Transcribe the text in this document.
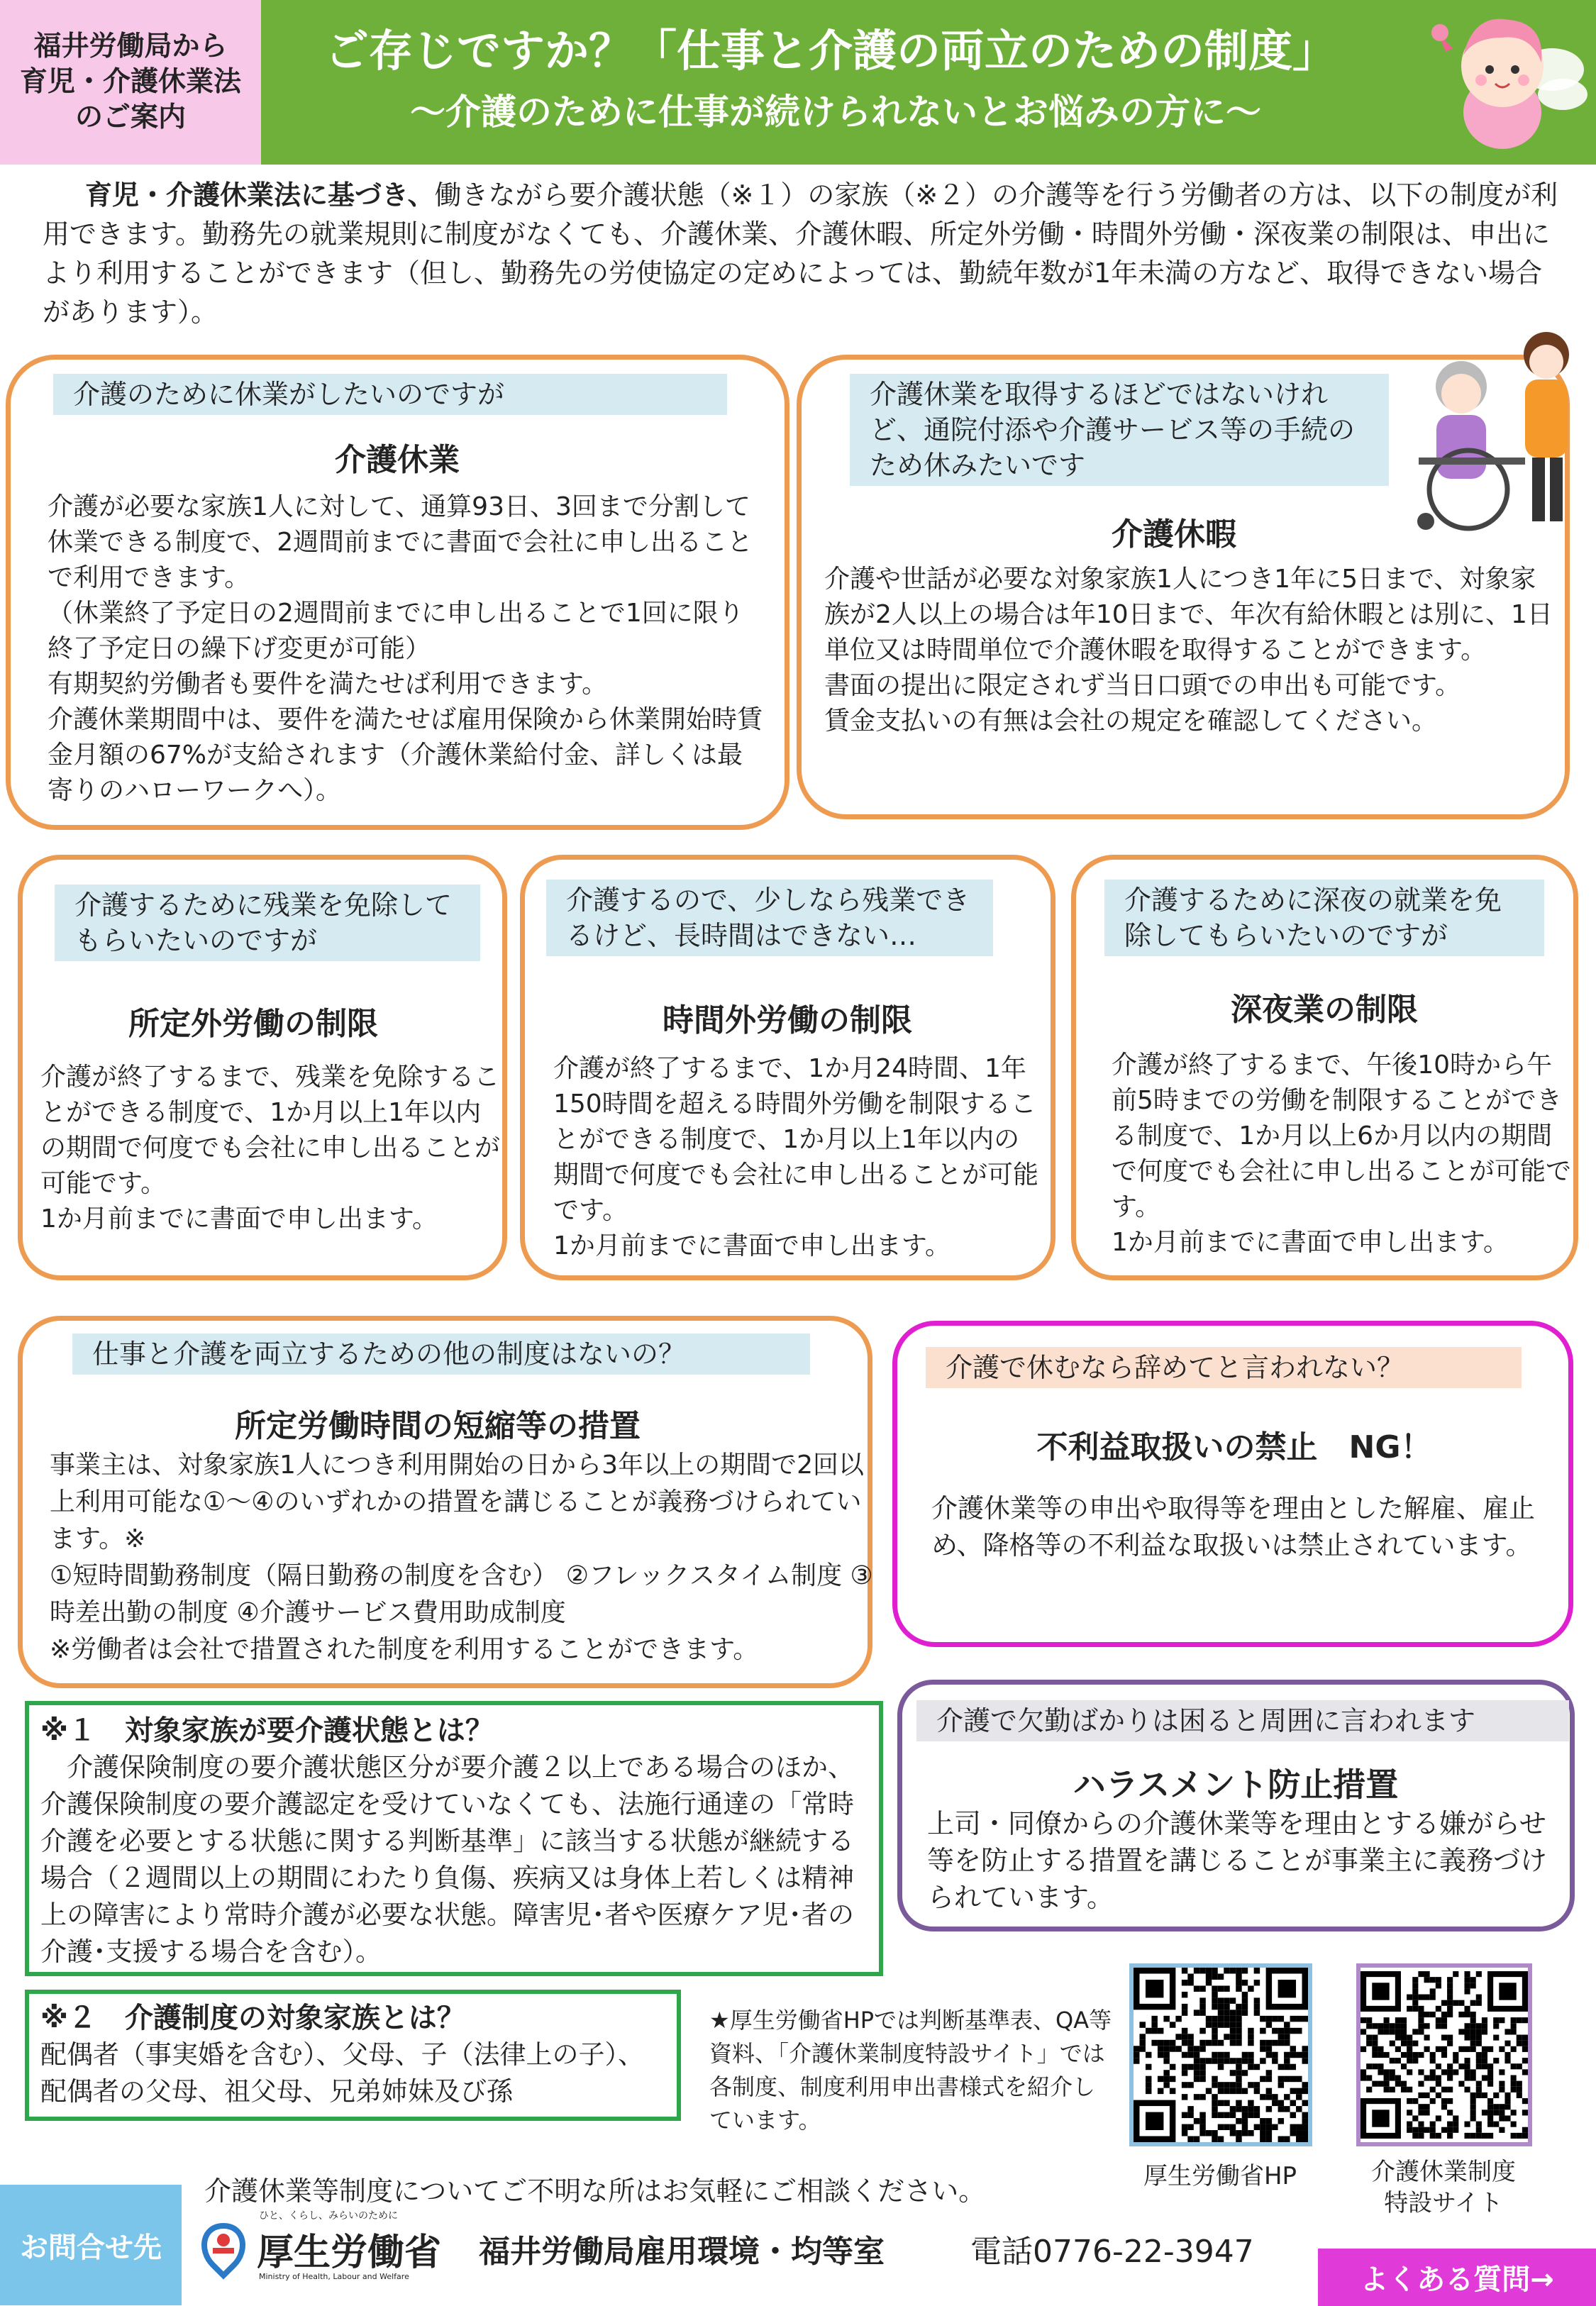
福井労働局から
育児・介護休業法
のご案内
ご存じですか？「仕事と介護の両立のための制度」
～介護のために仕事が続けられないとお悩みの方に～
育児・介護休業法に基づき、働きながら要介護状態（※１）の家族（※２）の介護等を行う労働者の方は、以下の制度が利用できます。勤務先の就業規則に制度がなくても、介護休業、介護休暇、所定外労働・時間外労働・深夜業の制限は、申出により利用することができます（但し、勤務先の労使協定の定めによっては、勤続年数が1年未満の方など、取得できない場合があります）。
介護のために休業がしたいのですが
介護休業
介護が必要な家族1人に対して、通算93日、3回まで分割して休業できる制度で、2週間前までに書面で会社に申し出ることで利用できます。
（休業終了予定日の2週間前までに申し出ることで1回に限り終了予定日の繰下げ変更が可能）
有期契約労働者も要件を満たせば利用できます。
介護休業期間中は、要件を満たせば雇用保険から休業開始時賃金月額の67%が支給されます（介護休業給付金、詳しくは最寄りのハローワークへ）。
介護休業を取得するほどではないけれど、通院付添や介護サービス等の手続のため休みたいです
介護休暇
介護や世話が必要な対象家族1人につき1年に5日まで、対象家族が2人以上の場合は年10日まで、年次有給休暇とは別に、1日単位又は時間単位で介護休暇を取得することができます。
書面の提出に限定されず当日口頭での申出も可能です。
賃金支払いの有無は会社の規定を確認してください。
介護するために残業を免除してもらいたいのですが
所定外労働の制限
介護が終了するまで、残業を免除することができる制度で、1か月以上1年以内の期間で何度でも会社に申し出ることが可能です。
1か月前までに書面で申し出ます。
介護するので、少しなら残業できるけど、長時間はできない…
時間外労働の制限
介護が終了するまで、1か月24時間、1年150時間を超える時間外労働を制限することができる制度で、1か月以上1年以内の期間で何度でも会社に申し出ることが可能です。
1か月前までに書面で申し出ます。
介護するために深夜の就業を免除してもらいたいのですが
深夜業の制限
介護が終了するまで、午後10時から午前5時までの労働を制限することができる制度で、1か月以上6か月以内の期間で何度でも会社に申し出ることが可能です。
1か月前までに書面で申し出ます。
仕事と介護を両立するための他の制度はないの？
所定労働時間の短縮等の措置
事業主は、対象家族1人につき利用開始の日から3年以上の期間で2回以上利用可能な①～④のいずれかの措置を講じることが義務づけられています。※
①短時間勤務制度（隔日勤務の制度を含む） ②フレックスタイム制度 ③時差出勤の制度 ④介護サービス費用助成制度
※労働者は会社で措置された制度を利用することができます。
介護で休むなら辞めてと言われない？
不利益取扱いの禁止　NG！
介護休業等の申出や取得等を理由とした解雇、雇止め、降格等の不利益な取扱いは禁止されています。
介護で欠勤ばかりは困ると周囲に言われます
ハラスメント防止措置
上司・同僚からの介護休業等を理由とする嫌がらせ等を防止する措置を講じることが事業主に義務づけられています。
※１　対象家族が要介護状態とは？
　介護保険制度の要介護状態区分が要介護２以上である場合のほか、介護保険制度の要介護認定を受けていなくても、法施行通達の「常時介護を必要とする状態に関する判断基準」に該当する状態が継続する場合（２週間以上の期間にわたり負傷、疾病又は身体上若しくは精神上の障害により常時介護が必要な状態。障害児･者や医療ケア児･者の介護･支援する場合を含む）。
※２　介護制度の対象家族とは？
配偶者（事実婚を含む）、父母、子（法律上の子）、配偶者の父母、祖父母、兄弟姉妹及び孫
★厚生労働省HPでは判断基準表、QA等資料、「介護休業制度特設サイト」では各制度、制度利用申出書様式を紹介しています。
厚生労働省HP	介護休業制度
特設サイト
お問合せ先
介護休業等制度についてご不明な所はお気軽にご相談ください。
ひと、くらし、みらいのために
厚生労働省
Ministry of Health, Labour and Welfare
福井労働局雇用環境・均等室	電話0776-22-3947
よくある質問→
